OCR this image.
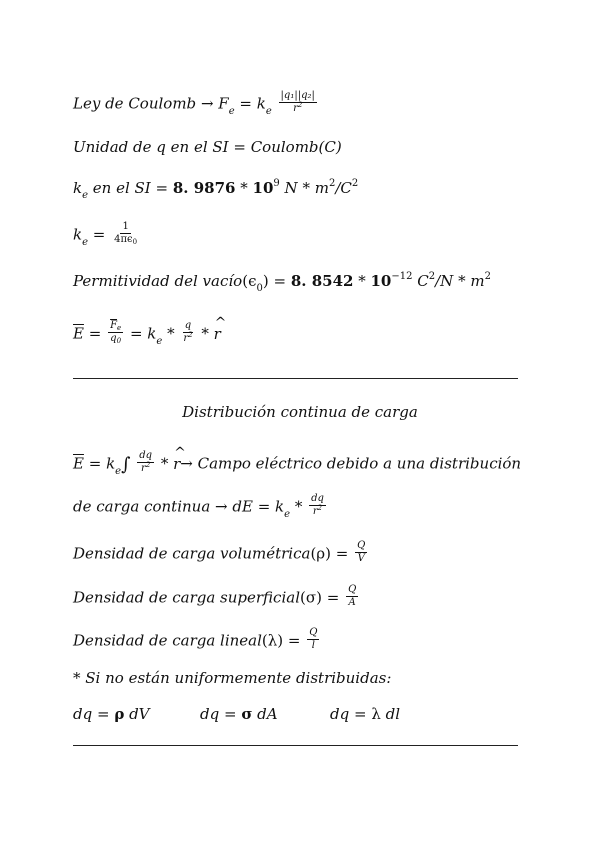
Ley de Coulomb → $F_e = k_e \frac{\text{|q₁||q₂|}}{r^2}$
Unidad de q en el SI = Coulomb(C)
$k_e$ en el SI = 8. $9876 * 10^9$ N * $m^2/C^2$
$k_e = \frac{1}{4\pi\epsilon_0}$
Permitividad del $vacío(\epsilon_0) = 8$. $8542 * 10^{-12}$ $C^2/N * m^2$
$\overline{E} = \frac{\overline{F}_e}{q_0} = k_e * \frac{q}{r^2}$ * ^ r
Distribución continua de carga
$\overline{E} = k_e\int \frac{dq}{r^2}$ * ^ r→ Campo eléctrico debido a una distribución
de carga continua → dE = $k_e * \frac{dq}{r^2}$
Densidad de carga volumétrica(ρ) = $\frac{Q}{V}$
Densidad de carga superficial(σ) = $\frac{Q}{A}$
Densidad de carga lineal(λ) = $\frac{Q}{l}$
* Si no están uniformemente distribuidas:
dq = ρ dV	dq = σ dA	dq = λ dl
